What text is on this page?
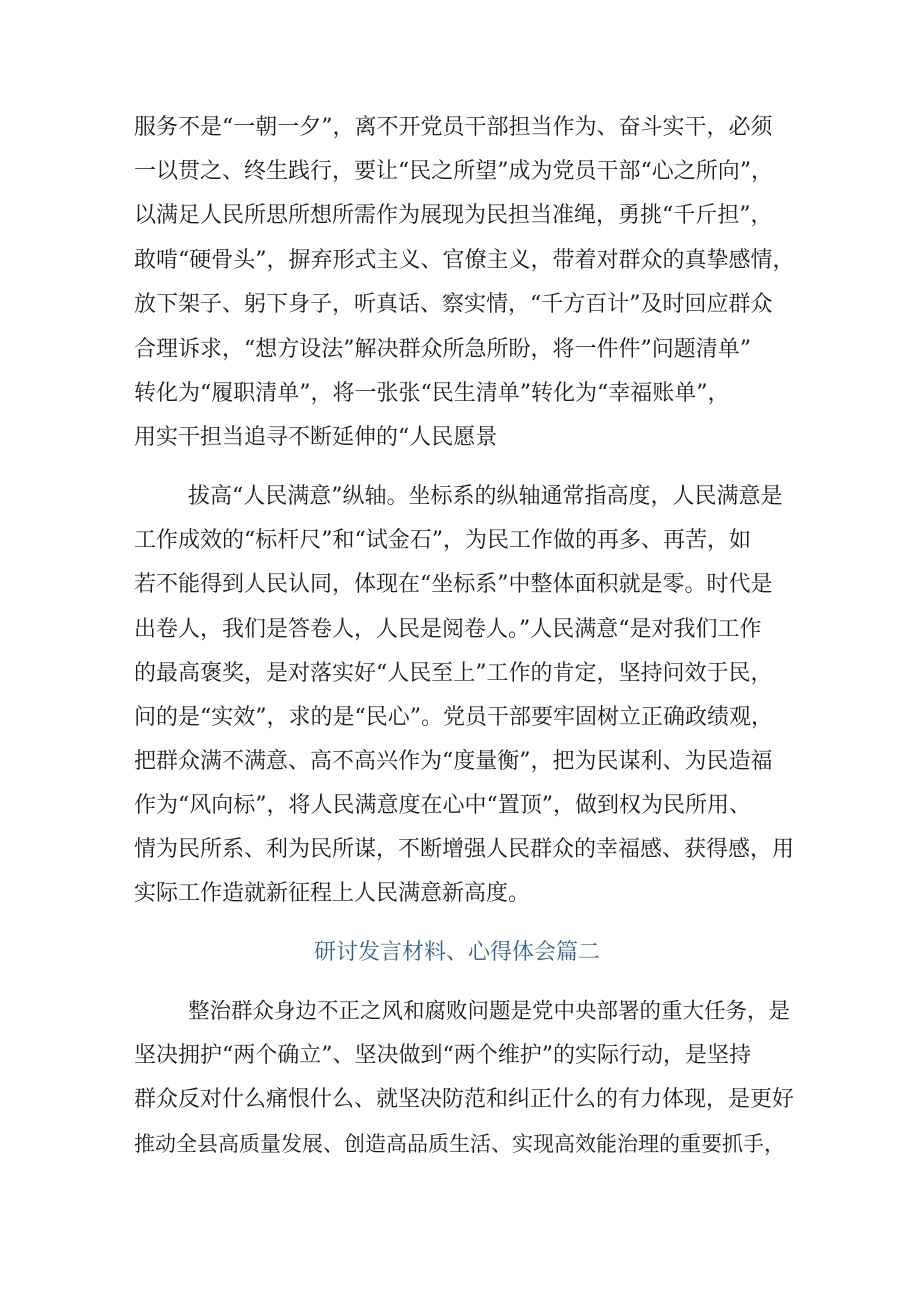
服务不是“一朝一夕”，离不开党员干部担当作为、奋斗实干，必须
一以贯之、终生践行，要让“民之所望”成为党员干部“心之所向”，
以满足人民所思所想所需作为展现为民担当准绳，勇挑“千斤担”，
敢啃“硬骨头”，摒弃形式主义、官僚主义，带着对群众的真挚感情，
放下架子、躬下身子，听真话、察实情，“千方百计”及时回应群众
合理诉求，“想方设法”解决群众所急所盼，将一件件”问题清单”
转化为“履职清单”，将一张张“民生清单”转化为“幸福账单”，
用实干担当追寻不断延伸的“人民愿景
拔高“人民满意”纵轴。坐标系的纵轴通常指高度，人民满意是
工作成效的“标杆尺”和“试金石”，为民工作做的再多、再苦，如
若不能得到人民认同，体现在“坐标系”中整体面积就是零。时代是
出卷人，我们是答卷人，人民是阅卷人。”人民满意“是对我们工作
的最高褒奖，是对落实好“人民至上”工作的肯定，坚持问效于民，
问的是“实效”，求的是“民心”。党员干部要牢固树立正确政绩观，
把群众满不满意、高不高兴作为“度量衡”，把为民谋利、为民造福
作为“风向标”，将人民满意度在心中“置顶”，做到权为民所用、
情为民所系、利为民所谋，不断增强人民群众的幸福感、获得感，用
实际工作造就新征程上人民满意新高度。
研讨发言材料、心得体会篇二
整治群众身边不正之风和腐败问题是党中央部署的重大任务，是
坚决拥护“两个确立”、坚决做到“两个维护”的实际行动，是坚持
群众反对什么痛恨什么、就坚决防范和纠正什么的有力体现，是更好
推动全县高质量发展、创造高品质生活、实现高效能治理的重要抓手，
